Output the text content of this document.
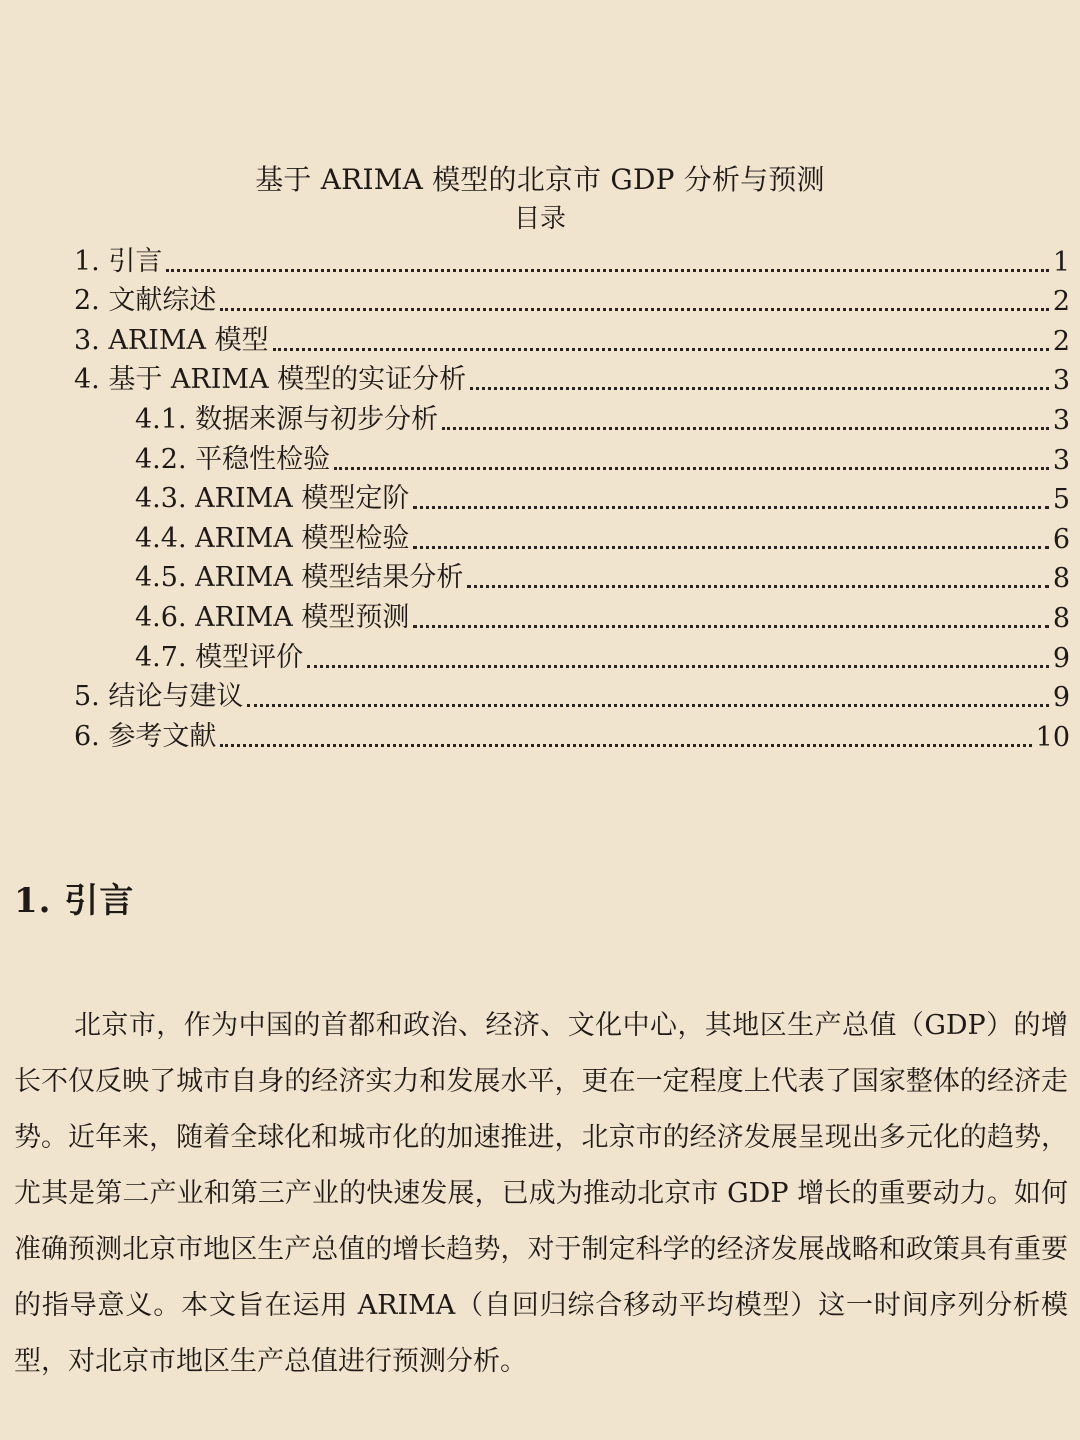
基于 ARIMA 模型的北京市 GDP 分析与预测
目录
1. 引言	1
2. 文献综述	2
3. ARIMA 模型	2
4. 基于 ARIMA 模型的实证分析	3
4.1. 数据来源与初步分析	3
4.2. 平稳性检验	3
4.3. ARIMA 模型定阶	5
4.4. ARIMA 模型检验	6
4.5. ARIMA 模型结果分析	8
4.6. ARIMA 模型预测	8
4.7. 模型评价	9
5. 结论与建议	9
6. 参考文献	10
1. 引言

北京市，作为中国的首都和政治、经济、文化中心，其地区生产总值（GDP）的增长不仅反映了城市自身的经济实力和发展水平，更在一定程度上代表了国家整体的经济走势。近年来，随着全球化和城市化的加速推进，北京市的经济发展呈现出多元化的趋势，尤其是第二产业和第三产业的快速发展，已成为推动北京市 GDP 增长的重要动力。如何准确预测北京市地区生产总值的增长趋势，对于制定科学的经济发展战略和政策具有重要的指导意义。本文旨在运用 ARIMA（自回归综合移动平均模型）这一时间序列分析模型，对北京市地区生产总值进行预测分析。
